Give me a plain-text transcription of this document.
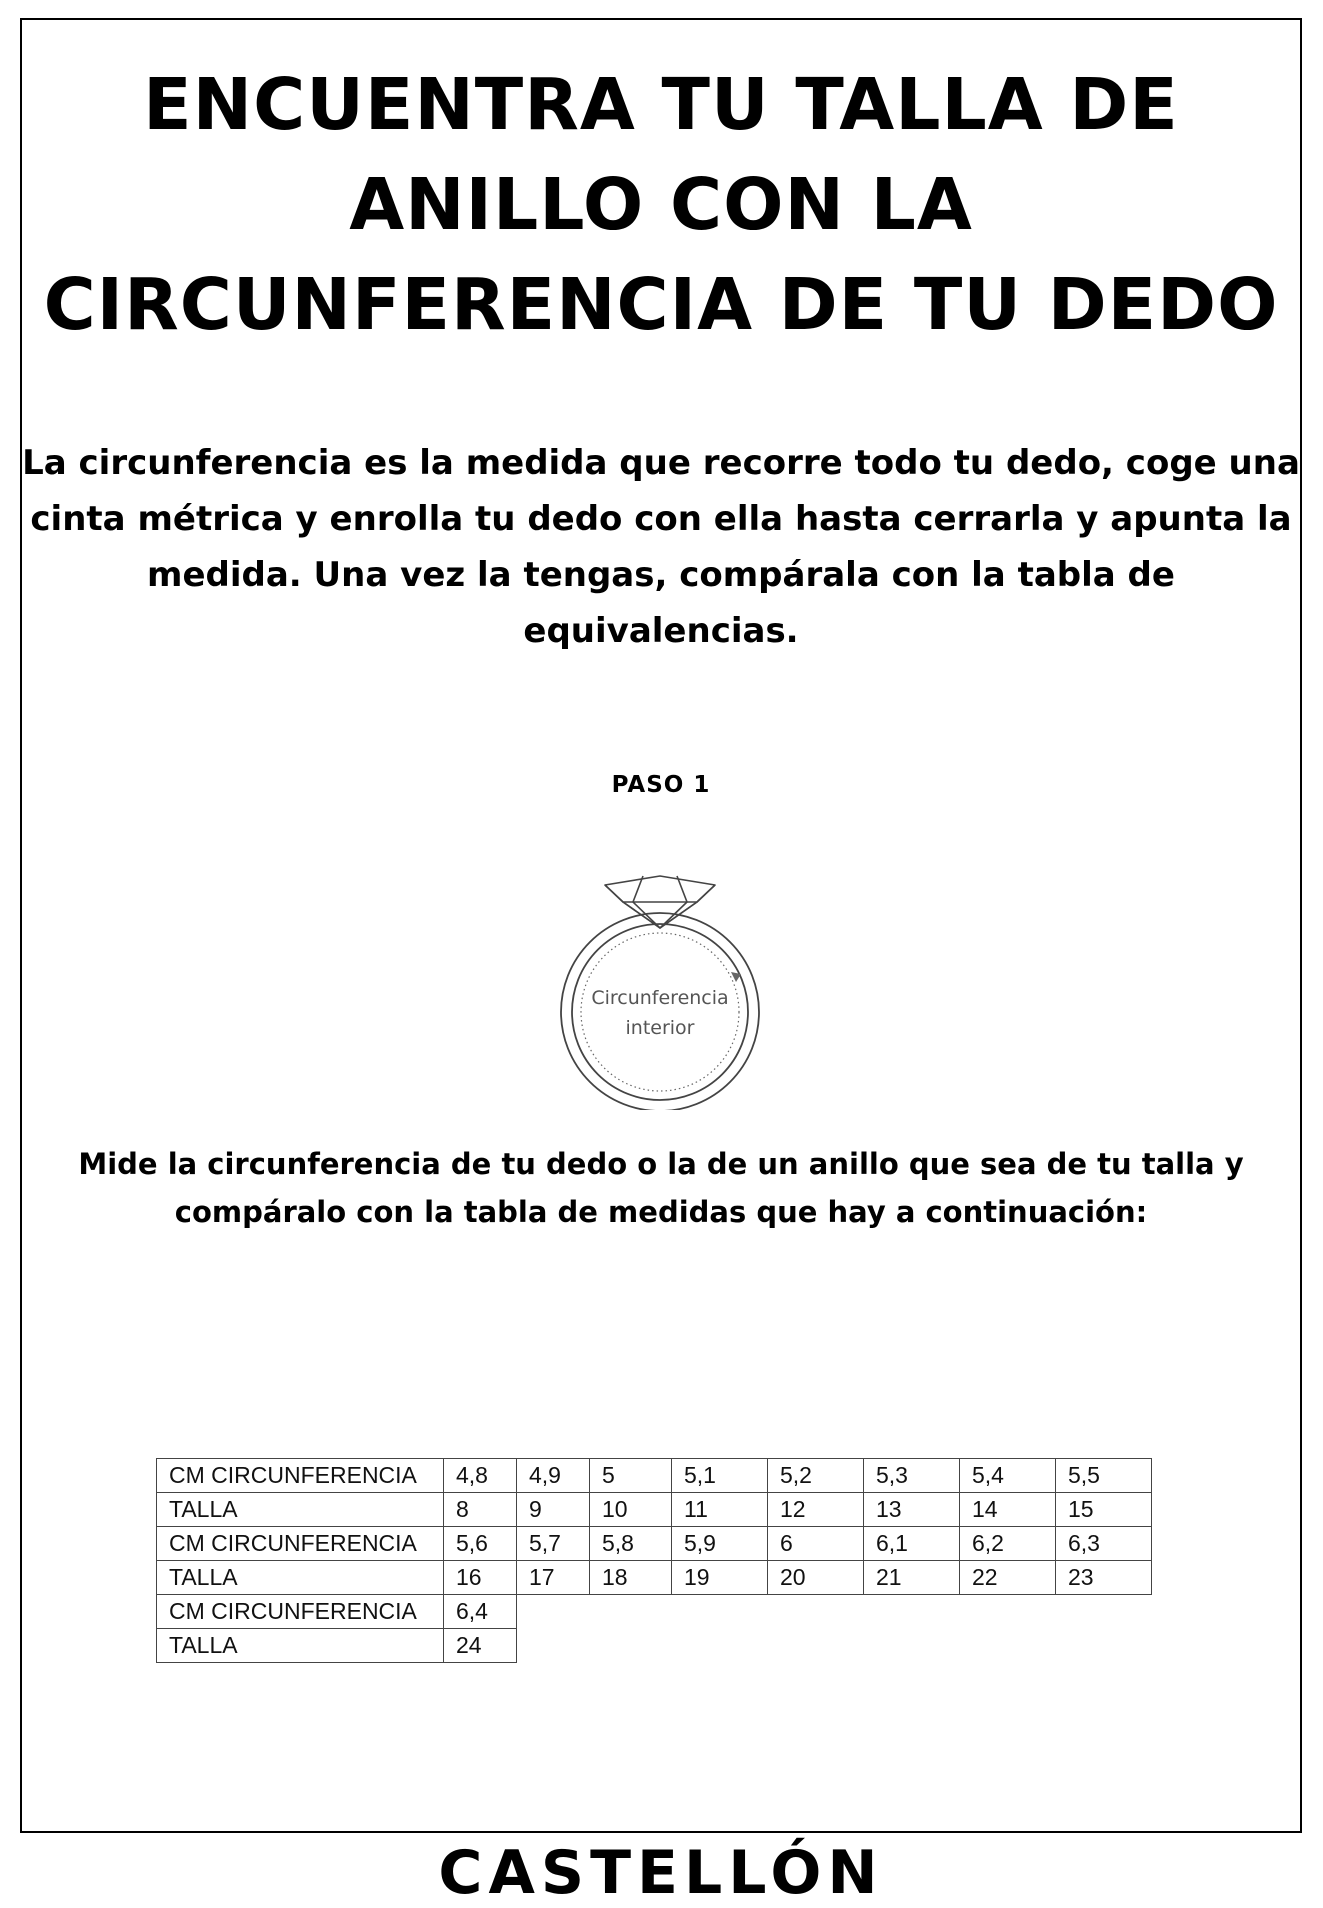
ENCUENTRA TU TALLA DE ANILLO CON LA CIRCUNFERENCIA DE TU DEDO

La circunferencia es la medida que recorre todo tu dedo, coge una cinta métrica y enrolla tu dedo con ella hasta cerrarla y apunta la medida. Una vez la tengas, compárala con la tabla de equivalencias.

PASO 1

Circunferencia interior

Mide la circunferencia de tu dedo o la de un anillo que sea de tu talla y compáralo con la tabla de medidas que hay a continuación:

CM CIRCUNFERENCIA	4,8	4,9	5	5,1	5,2	5,3	5,4	5,5
TALLA	8	9	10	11	12	13	14	15
CM CIRCUNFERENCIA	5,6	5,7	5,8	5,9	6	6,1	6,2	6,3
TALLA	16	17	18	19	20	21	22	23
CM CIRCUNFERENCIA	6,4							
TALLA	24							

CASTELLÓN
